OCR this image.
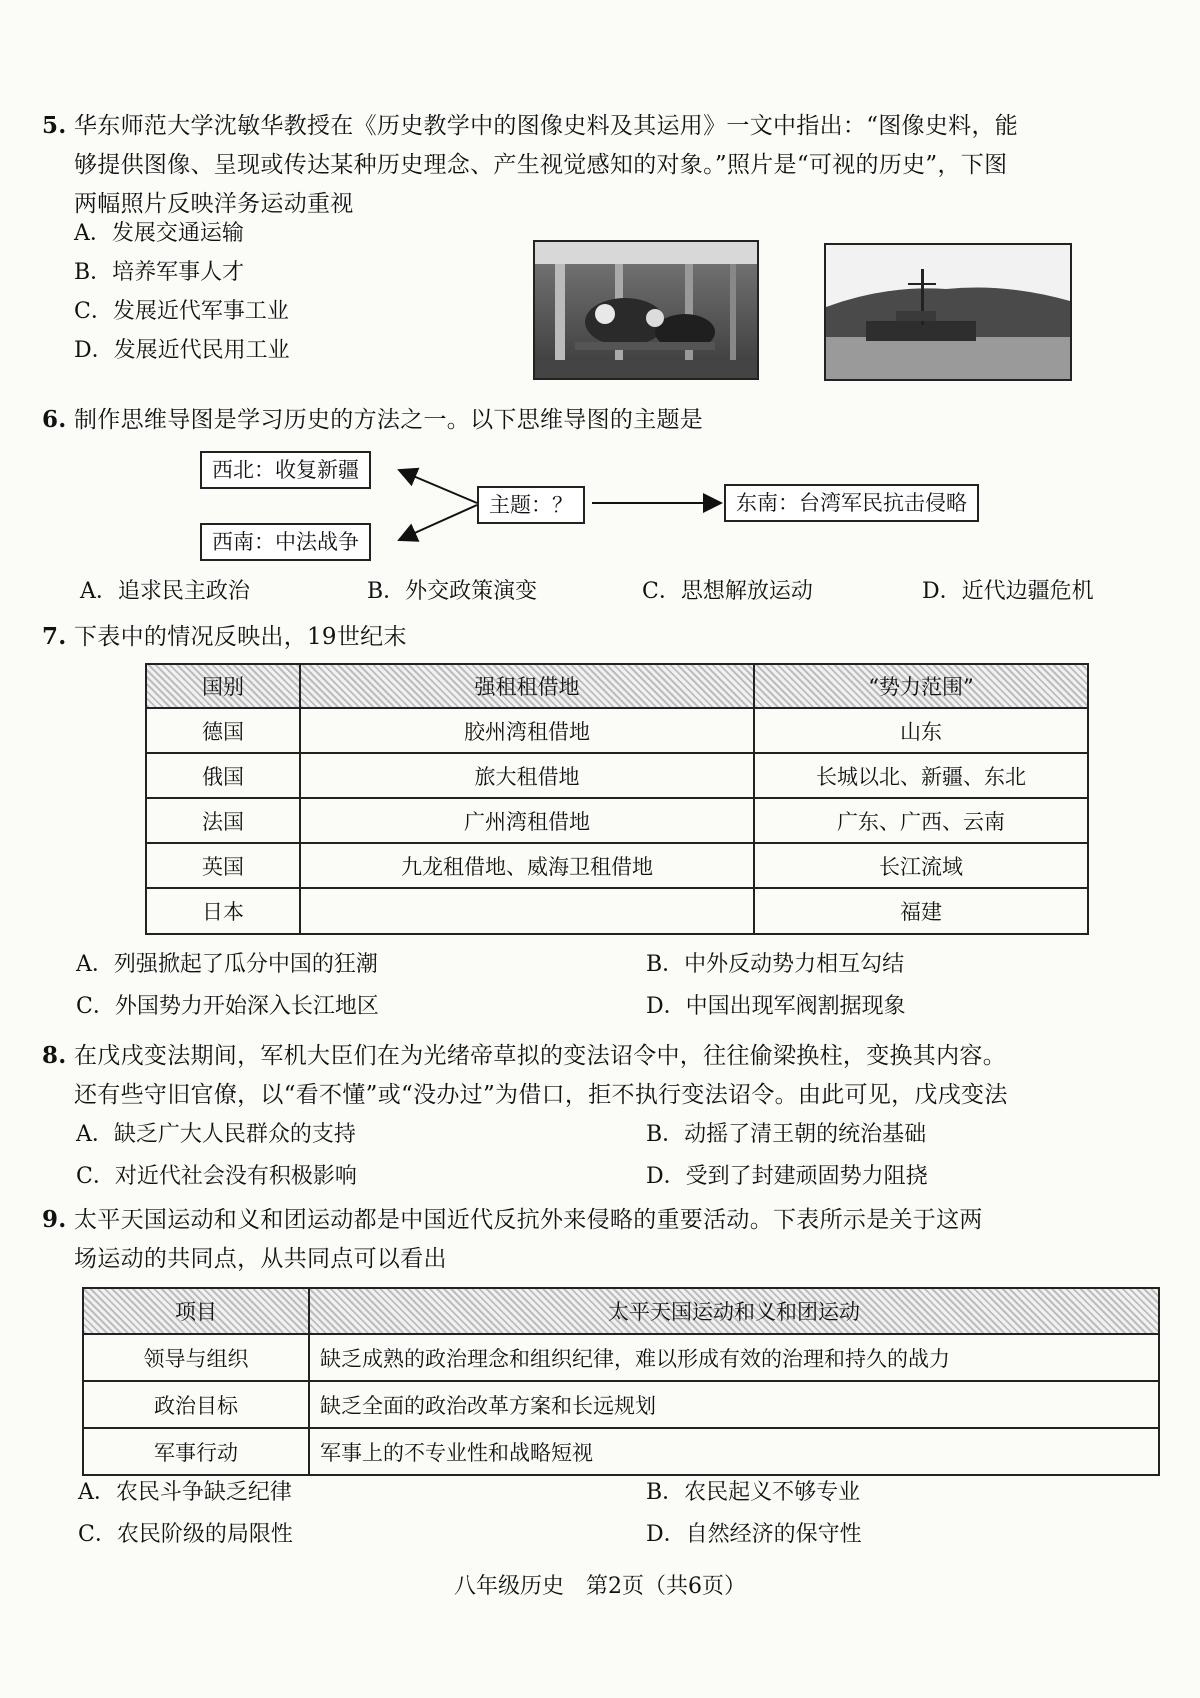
5. 华东师范大学沈敏华教授在《历史教学中的图像史料及其运用》一文中指出：“图像史料，能
够提供图像、呈现或传达某种历史理念、产生视觉感知的对象。”照片是“可视的历史”，下图
两幅照片反映洋务运动重视
A．发展交通运输
B．培养军事人才
C．发展近代军事工业
D．发展近代民用工业
6. 制作思维导图是学习历史的方法之一。以下思维导图的主题是
西北：收复新疆
西南：中法战争
主题：？	东南：台湾军民抗击侵略
A．追求民主政治	B．外交政策演变	C．思想解放运动	D．近代边疆危机
7. 下表中的情况反映出，19世纪末
国别	强租租借地	“势力范围”
德国	胶州湾租借地	山东
俄国	旅大租借地	长城以北、新疆、东北
法国	广州湾租借地	广东、广西、云南
英国	九龙租借地、威海卫租借地	长江流域
日本		福建
A．列强掀起了瓜分中国的狂潮	B．中外反动势力相互勾结
C．外国势力开始深入长江地区	D．中国出现军阀割据现象
8. 在戊戌变法期间，军机大臣们在为光绪帝草拟的变法诏令中，往往偷梁换柱，变换其内容。
还有些守旧官僚，以“看不懂”或“没办过”为借口，拒不执行变法诏令。由此可见，戊戌变法
A．缺乏广大人民群众的支持	B．动摇了清王朝的统治基础
C．对近代社会没有积极影响	D．受到了封建顽固势力阻挠
9. 太平天国运动和义和团运动都是中国近代反抗外来侵略的重要活动。下表所示是关于这两
场运动的共同点，从共同点可以看出
项目	太平天国运动和义和团运动
领导与组织	缺乏成熟的政治理念和组织纪律，难以形成有效的治理和持久的战力
政治目标	缺乏全面的政治改革方案和长远规划
军事行动	军事上的不专业性和战略短视
A．农民斗争缺乏纪律	B．农民起义不够专业
C．农民阶级的局限性	D．自然经济的保守性
八年级历史　第2页（共6页）
